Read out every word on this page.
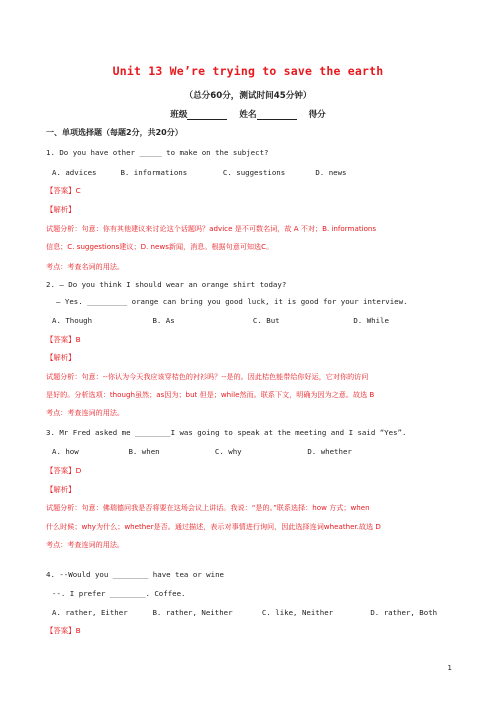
Unit 13 We’re trying to save the earth
（总分60分，测试时间45分钟）
班级	姓名	得分
一、单项选择题（每题2分，共20分）
1. Do you have other _____ to make on the subject?
A. advices	B. informations	C. suggestions	D. news
【答案】C
【解析】
试题分析：句意：你有其他建议来讨论这个话题吗？advice 是不可数名词，故 A 不对；B. informations
信息；C. suggestions建议；D. news新闻，消息。根据句意可知选C。
考点：考查名词的用法。
2. — Do you think I should wear an orange shirt today?
— Yes. _________ orange can bring you good luck, it is good for your interview.
A. Though	B. As	C. But	D. While
【答案】B
【解析】
试题分析：句意：--你认为今天我应该穿桔色的衬衫吗？--是的。因此桔色能带给你好运，它对你的访问
是好的。分析选项：though虽然；as因为；but 但是；while然而。联系下文，明确为因为之意。故选 B
考点：考查连词的用法。
3. Mr Fred asked me ________I was going to speak at the meeting and I said “Yes”.
A. how	B. when	C. why	D. whether
【答案】D
【解析】
试题分析：句意：佛瑞德问我是否将要在这场会议上讲话。我说：“是的。”联系选择：how 方式；when
什么时候；why为什么；whether是否。通过描述，表示对事情进行询问，因此选择连词wheather.故选 D
考点：考查连词的用法。
4. --Would you ________ have tea or wine
--. I prefer ________. Coffee.
A. rather, Either	B. rather, Neither	C. like, Neither	D. rather, Both
【答案】B
1
